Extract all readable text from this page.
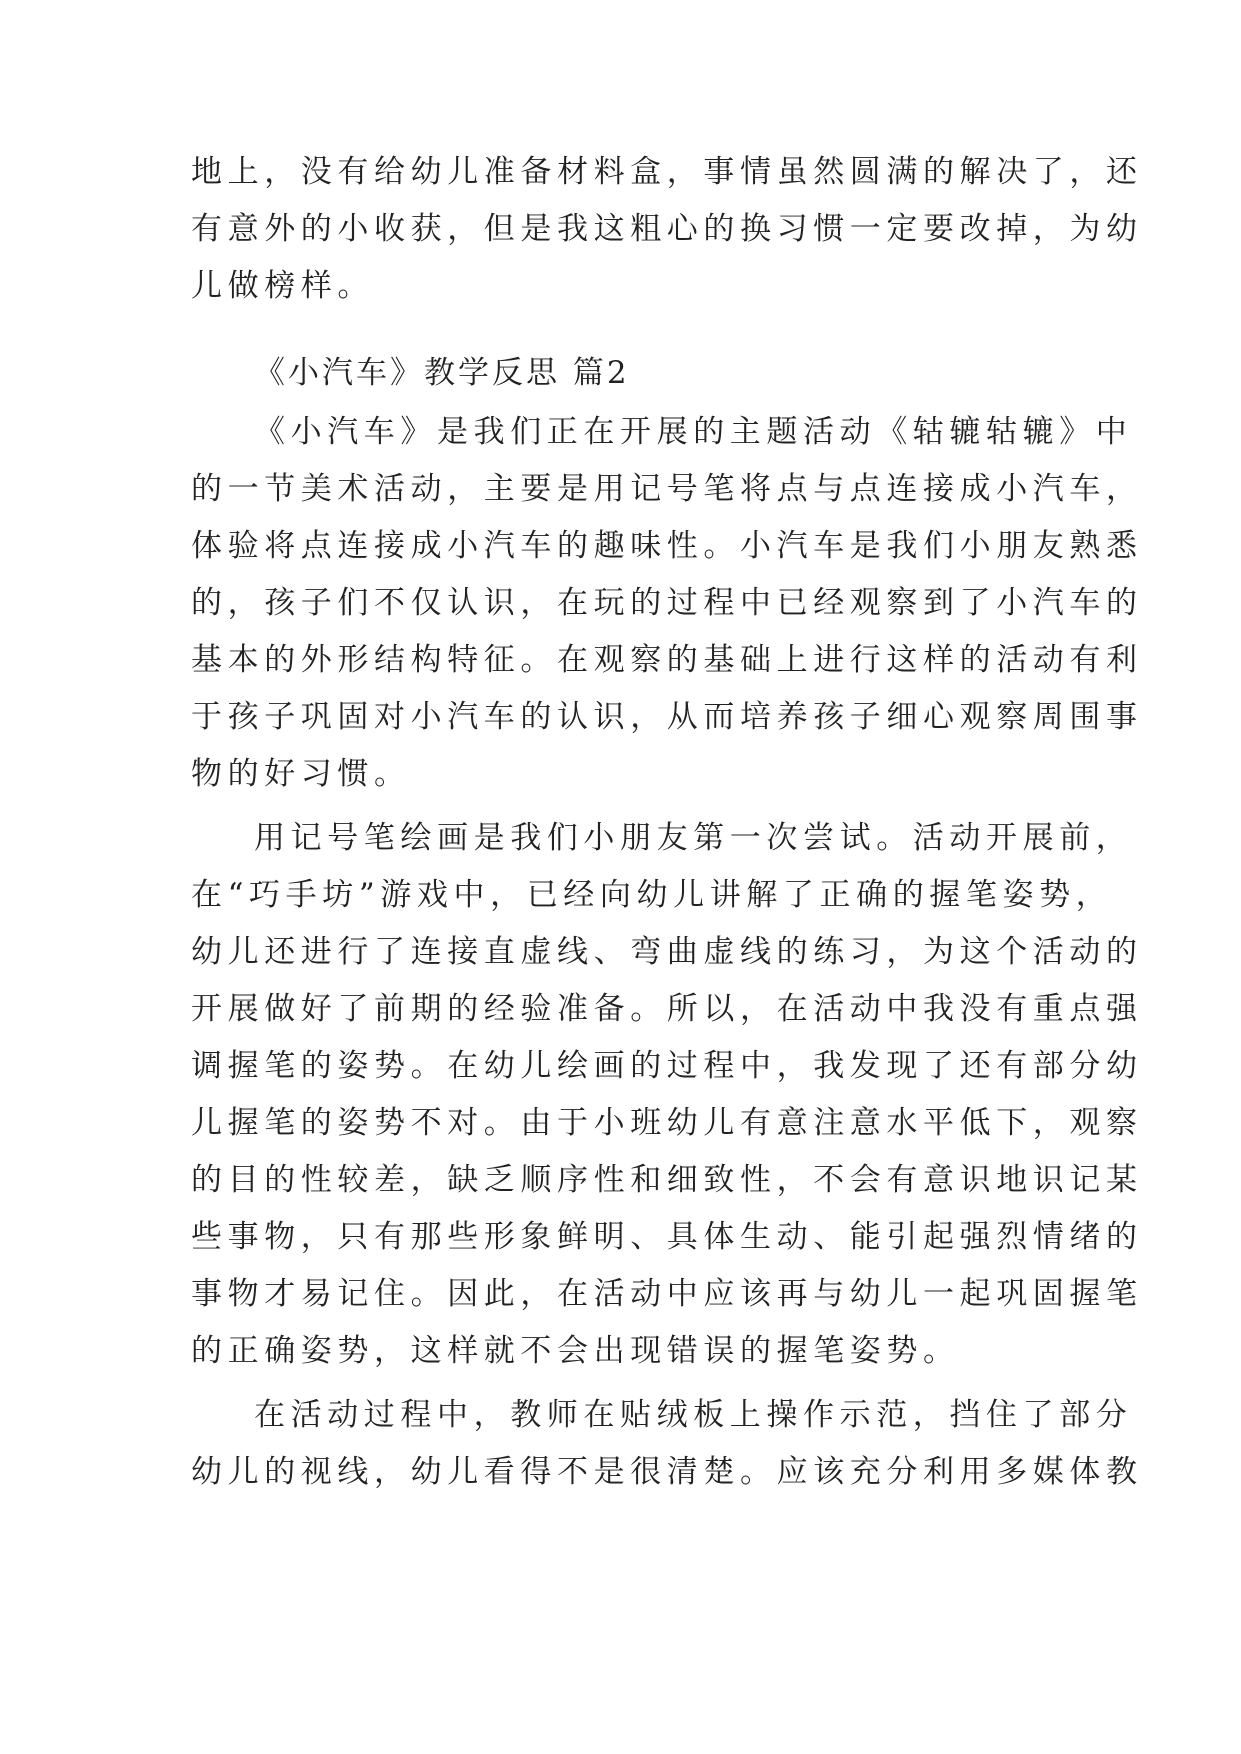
地上，没有给幼儿准备材料盒，事情虽然圆满的解决了，还
有意外的小收获，但是我这粗心的换习惯一定要改掉，为幼
儿做榜样。
《小汽车》教学反思 篇2
《小汽车》是我们正在开展的主题活动《轱辘轱辘》中
的一节美术活动，主要是用记号笔将点与点连接成小汽车，
体验将点连接成小汽车的趣味性。小汽车是我们小朋友熟悉
的，孩子们不仅认识，在玩的过程中已经观察到了小汽车的
基本的外形结构特征。在观察的基础上进行这样的活动有利
于孩子巩固对小汽车的认识，从而培养孩子细心观察周围事
物的好习惯。
用记号笔绘画是我们小朋友第一次尝试。活动开展前，
在“巧手坊”游戏中，已经向幼儿讲解了正确的握笔姿势，
幼儿还进行了连接直虚线、弯曲虚线的练习，为这个活动的
开展做好了前期的经验准备。所以，在活动中我没有重点强
调握笔的姿势。在幼儿绘画的过程中，我发现了还有部分幼
儿握笔的姿势不对。由于小班幼儿有意注意水平低下，观察
的目的性较差，缺乏顺序性和细致性，不会有意识地识记某
些事物，只有那些形象鲜明、具体生动、能引起强烈情绪的
事物才易记住。因此，在活动中应该再与幼儿一起巩固握笔
的正确姿势，这样就不会出现错误的握笔姿势。
在活动过程中，教师在贴绒板上操作示范，挡住了部分
幼儿的视线，幼儿看得不是很清楚。应该充分利用多媒体教
